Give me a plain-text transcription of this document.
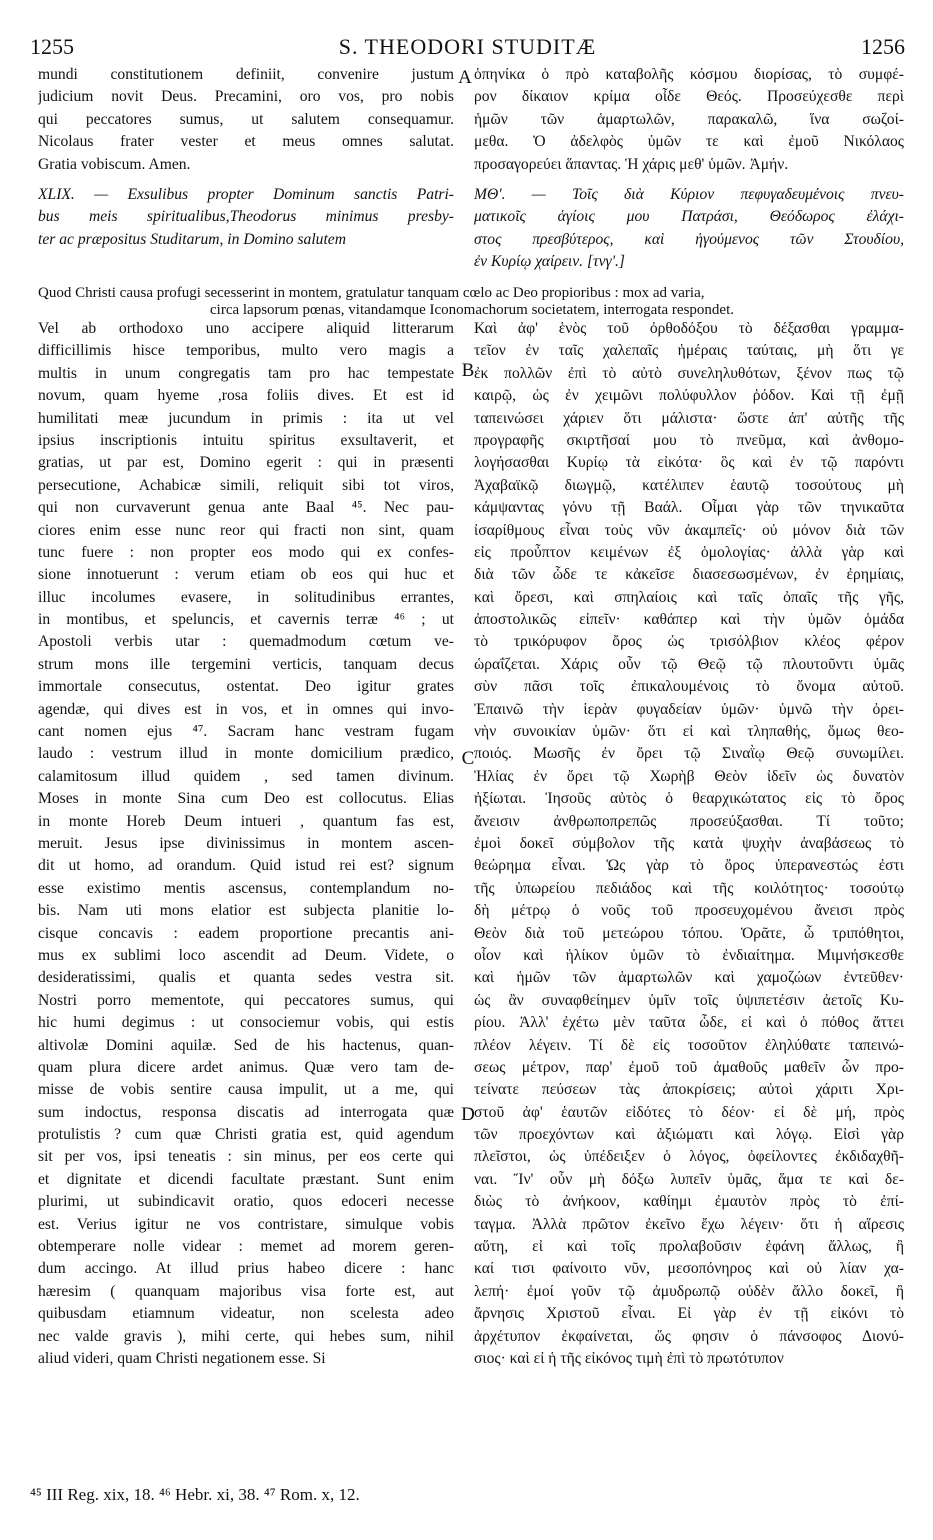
1255	S. THEODORI STUDITÆ	1256
mundi constitutionem definiit, convenire justum
judicium novit Deus. Precamini, oro vos, pro nobis
qui peccatores sumus, ut salutem consequamur.
Nicolaus frater vester et meus omnes salutat.
Gratia vobiscum. Amen.
XLIX. — Exsulibus propter Dominum sanctis Patri-
bus meis spiritualibus,Theodorus minimus presby-
ter ac præpositus Studitarum, in Domino salutem
ὁπηνίκα ὁ πρὸ καταβολῆς κόσμου διορίσας, τὸ συμφέ-
ρον δίκαιον κρίμα οἶδε Θεός. Προσεύχεσθε περὶ
ἡμῶν τῶν ἁμαρτωλῶν, παρακαλῶ, ἵνα σωζοί-
μεθα. Ὁ ἀδελφὸς ὑμῶν τε καὶ ἐμοῦ Νικόλαος
προσαγορεύει ἅπαντας. Ἡ χάρις μεθ' ὑμῶν. Ἀμήν.
ΜΘ'. — Τοῖς διὰ Κύριον πεφυγαδευμένοις πνευ-
ματικοῖς ἁγίοις μου Πατράσι, Θεόδωρος ἐλάχι-
στος πρεσβύτερος, καὶ ἡγούμενος τῶν Στουδίου,
ἐν Κυρίῳ χαίρειν. [τνγ'.]
Quod Christi causa profugi secesserint in montem, gratulatur tanquam cœlo ac Deo propioribus : mox ad varia,
circa lapsorum pœnas, vitandamque Iconomachorum societatem, interrogata respondet.
A
B
C
D
Vel ab orthodoxo uno accipere aliquid litterarum
difficillimis hisce temporibus, multo vero magis a
multis in unum congregatis tam pro hac tempestate
novum, quam hyeme ,rosa foliis dives. Et est id
humilitati meæ jucundum in primis : ita ut vel
ipsius inscriptionis intuitu spiritus exsultaverit, et
gratias, ut par est, Domino egerit : qui in præsenti
persecutione, Achabicæ simili, reliquit sibi tot viros,
qui non curvaverunt genua ante Baal ⁴⁵. Nec pau-
ciores enim esse nunc reor qui fracti non sint, quam
tunc fuere : non propter eos modo qui ex confes-
sione innotuerunt : verum etiam ob eos qui huc et
illuc incolumes evasere, in solitudinibus errantes,
in montibus, et speluncis, et cavernis terræ ⁴⁶ ; ut
Apostoli verbis utar : quemadmodum cœtum ve-
strum mons ille tergemini verticis, tanquam decus
immortale consecutus, ostentat. Deo igitur grates
agendæ, qui dives est in vos, et in omnes qui invo-
cant nomen ejus ⁴⁷. Sacram hanc vestram fugam
laudo : vestrum illud in monte domicilium prædico,
calamitosum illud quidem , sed tamen divinum.
Moses in monte Sina cum Deo est collocutus. Elias
in monte Horeb Deum intueri , quantum fas est,
meruit. Jesus ipse divinissimus in montem ascen-
dit ut homo, ad orandum. Quid istud rei est? signum
esse existimo mentis ascensus, contemplandum no-
bis. Nam uti mons elatior est subjecta planitie lo-
cisque concavis : eadem proportione precantis ani-
mus ex sublimi loco ascendit ad Deum. Videte, o
desideratissimi, qualis et quanta sedes vestra sit.
Nostri porro mementote, qui peccatores sumus, qui
hic humi degimus : ut consociemur vobis, qui estis
altivolæ Domini aquilæ. Sed de his hactenus, quan-
quam plura dicere ardet animus. Quæ vero tam de-
misse de vobis sentire causa impulit, ut a me, qui
sum indoctus, responsa discatis ad interrogata quæ
protulistis ? cum quæ Christi gratia est, quid agendum
sit per vos, ipsi teneatis : sin minus, per eos certe qui
et dignitate et dicendi facultate præstant. Sunt enim
plurimi, ut subindicavit oratio, quos edoceri necesse
est. Verius igitur ne vos contristare, simulque vobis
obtemperare nolle videar : memet ad morem geren-
dum accingo. At illud prius habeo dicere : hanc
hæresim ( quanquam majoribus visa forte est, aut
quibusdam etiamnum videatur, non scelesta adeo
nec valde gravis ), mihi certe, qui hebes sum, nihil
aliud videri, quam Christi negationem esse. Si
Καὶ ἀφ' ἑνὸς τοῦ ὀρθοδόξου τὸ δέξασθαι γραμμα-
τεῖον ἐν ταῖς χαλεπαῖς ἡμέραις ταύταις, μὴ ὅτι γε
ἐκ πολλῶν ἐπὶ τὸ αὐτὸ συνεληλυθότων, ξένον πως τῷ
καιρῷ, ὡς ἐν χειμῶνι πολύφυλλον ῥόδον. Καὶ τῇ ἐμῇ
ταπεινώσει χάριεν ὅτι μάλιστα· ὥστε ἀπ' αὐτῆς τῆς
προγραφῆς σκιρτῆσαί μου τὸ πνεῦμα, καὶ ἀνθομο-
λογήσασθαι Κυρίῳ τὰ εἰκότα· ὃς καὶ ἐν τῷ παρόντι
Ἀχαβαϊκῷ διωγμῷ, κατέλιπεν ἑαυτῷ τοσούτους μὴ
κάμψαντας γόνυ τῇ Βαάλ. Οἶμαι γὰρ τῶν τηνικαῦτα
ἰσαρίθμους εἶναι τοὺς νῦν ἀκαμπεῖς· οὐ μόνον διὰ τῶν
εἰς προὖπτον κειμένων ἐξ ὁμολογίας· ἀλλὰ γὰρ καὶ
διὰ τῶν ὧδε τε κἀκεῖσε διασεσωσμένων, ἐν ἐρημίαις,
καὶ ὄρεσι, καὶ σπηλαίοις καὶ ταῖς ὀπαῖς τῆς γῆς,
ἀποστολικῶς εἰπεῖν· καθάπερ καὶ τὴν ὑμῶν ὁμάδα
τὸ τρικόρυφον ὄρος ὡς τρισόλβιον κλέος φέρον
ὡραΐζεται. Χάρις οὖν τῷ Θεῷ τῷ πλουτοῦντι ὑμᾶς
σὺν πᾶσι τοῖς ἐπικαλουμένοις τὸ ὄνομα αὐτοῦ.
Ἐπαινῶ τὴν ἱερὰν φυγαδείαν ὑμῶν· ὑμνῶ τὴν ὀρει-
νὴν συνοικίαν ὑμῶν· ὅτι εἰ καὶ τληπαθής, ὅμως θεο-
ποιός. Μωσῆς ἐν ὄρει τῷ Σιναῒῳ Θεῷ συνωμίλει.
Ἠλίας ἐν ὄρει τῷ Χωρὴβ Θεὸν ἰδεῖν ὡς δυνατὸν
ἠξίωται. Ἰησοῦς αὐτὸς ὁ θεαρχικώτατος εἰς τὸ ὄρος
ἄνεισιν ἀνθρωποπρεπῶς προσεύξασθαι. Τί τοῦτο;
ἐμοὶ δοκεῖ σύμβολον τῆς κατὰ ψυχὴν ἀναβάσεως τὸ
θεώρημα εἶναι. Ὡς γὰρ τὸ ὄρος ὑπερανεστώς ἐστι
τῆς ὑπωρείου πεδιάδος καὶ τῆς κοιλότητος· τοσούτῳ
δὴ μέτρῳ ὁ νοῦς τοῦ προσευχομένου ἄνεισι πρὸς
Θεὸν διὰ τοῦ μετεώρου τόπου. Ὁρᾶτε, ὦ τριπόθητοι,
οἷον καὶ ἡλίκον ὑμῶν τὸ ἐνδιαίτημα. Μιμνήσκεσθε
καὶ ἡμῶν τῶν ἁμαρτωλῶν καὶ χαμοζώων ἐντεῦθεν·
ὡς ἂν συναφθείημεν ὑμῖν τοῖς ὑψιπετέσιν ἀετοῖς Κυ-
ρίου. Ἀλλ' ἐχέτω μὲν ταῦτα ὧδε, εἰ καὶ ὁ πόθος ἄττει
πλέον λέγειν. Τί δὲ εἰς τοσοῦτον ἐληλύθατε ταπεινώ-
σεως μέτρον, παρ' ἐμοῦ τοῦ ἀμαθοῦς μαθεῖν ὧν προ-
τείνατε πεύσεων τὰς ἀποκρίσεις; αὐτοὶ χάριτι Χρι-
στοῦ ἀφ' ἑαυτῶν εἰδότες τὸ δέον· εἰ δὲ μή, πρὸς
τῶν προεχόντων καὶ ἀξιώματι καὶ λόγῳ. Εἰσὶ γὰρ
πλεῖστοι, ὡς ὑπέδειξεν ὁ λόγος, ὀφείλοντες ἐκδιδαχθῆ-
ναι. Ἵν' οὖν μὴ δόξω λυπεῖν ὑμᾶς, ἅμα τε καὶ δε-
διὼς τὸ ἀνήκοον, καθίημι ἐμαυτὸν πρὸς τὸ ἐπί-
ταγμα. Ἀλλὰ πρῶτον ἐκεῖνο ἔχω λέγειν· ὅτι ἡ αἵρεσις
αὕτη, εἰ καὶ τοῖς προλαβοῦσιν ἐφάνη ἄλλως, ἢ
καί τισι φαίνοιτο νῦν, μεσοπόνηρος καὶ οὐ λίαν χα-
λεπή· ἐμοί γοῦν τῷ ἀμυδρωπῷ οὐδὲν ἄλλο δοκεῖ, ἢ
ἄρνησις Χριστοῦ εἶναι. Εἰ γὰρ ἐν τῇ εἰκόνι τὸ
ἀρχέτυπον ἐκφαίνεται, ὥς φησιν ὁ πάνσοφος Διονύ-
σιος· καὶ εἰ ἡ τῆς εἰκόνος τιμὴ ἐπὶ τὸ πρωτότυπον
⁴⁵ III Reg. xix, 18. ⁴⁶ Hebr. xi, 38. ⁴⁷ Rom. x, 12.
